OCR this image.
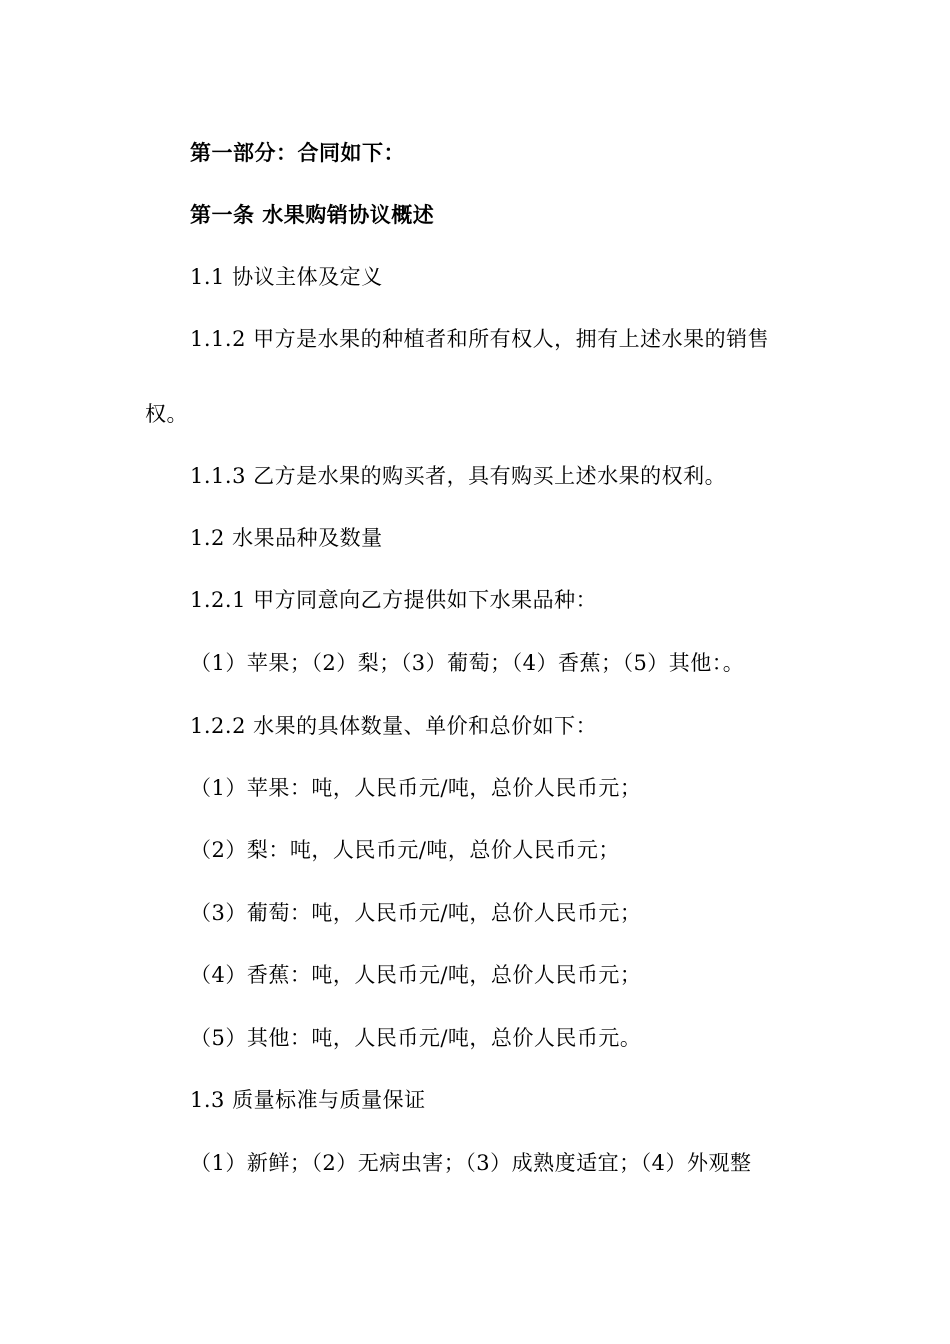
第一部分：合同如下：
第一条 水果购销协议概述
1.1 协议主体及定义
1.1.2 甲方是水果的种植者和所有权人，拥有上述水果的销售
权。
1.1.3 乙方是水果的购买者，具有购买上述水果的权利。
1.2 水果品种及数量
1.2.1 甲方同意向乙方提供如下水果品种：
（1）苹果；（2）梨；（3）葡萄；（4）香蕉；（5）其他：。
1.2.2 水果的具体数量、单价和总价如下：
（1）苹果：吨，人民币元/吨，总价人民币元；
（2）梨：吨，人民币元/吨，总价人民币元；
（3）葡萄：吨，人民币元/吨，总价人民币元；
（4）香蕉：吨，人民币元/吨，总价人民币元；
（5）其他：吨，人民币元/吨，总价人民币元。
1.3 质量标准与质量保证
（1）新鲜；（2）无病虫害；（3）成熟度适宜；（4）外观整
